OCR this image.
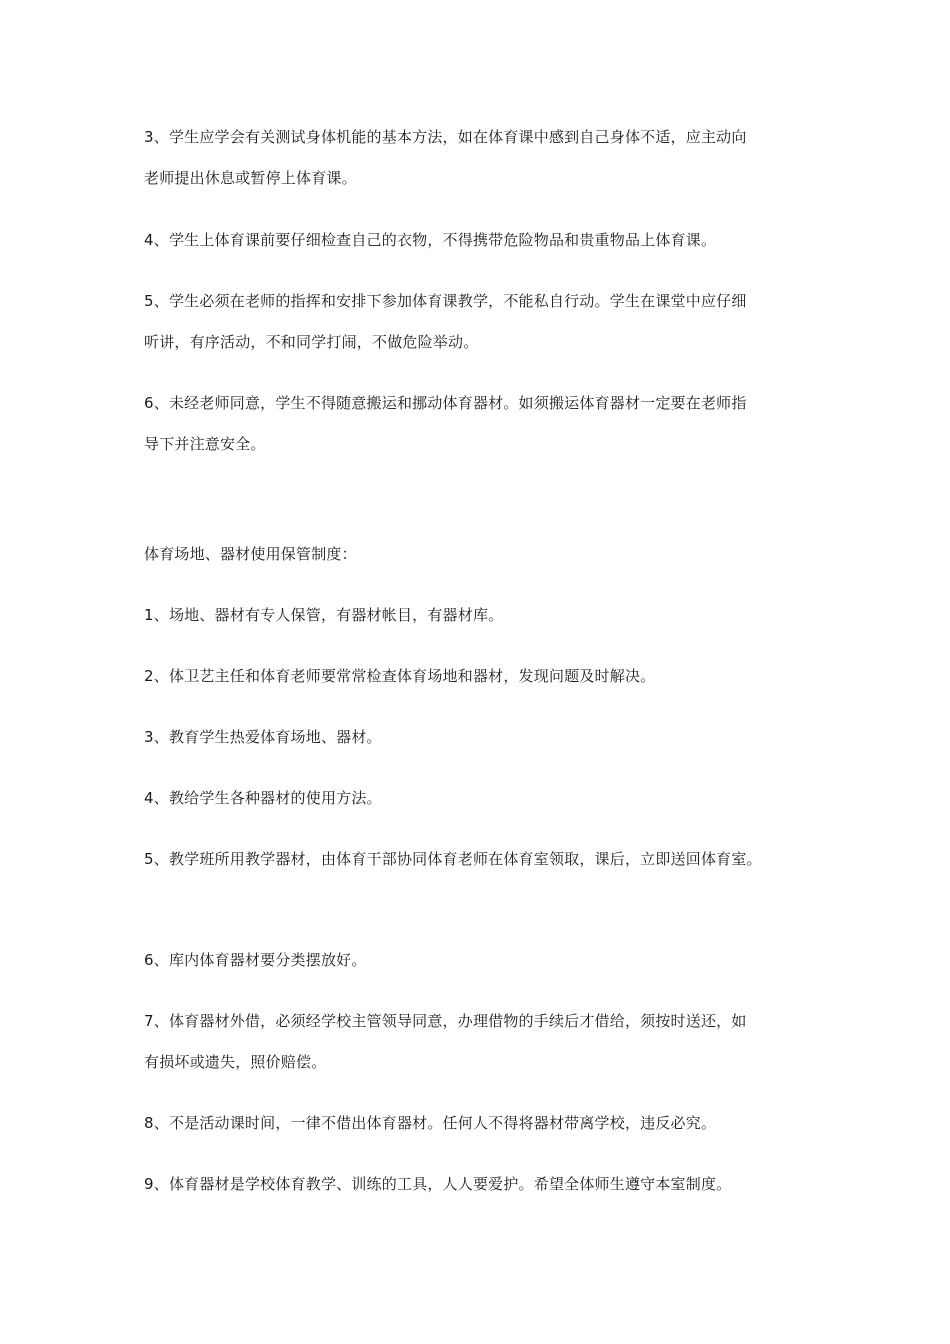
3、学生应学会有关测试身体机能的基本方法，如在体育课中感到自己身体不适，应主动向
老师提出休息或暂停上体育课。
4、学生上体育课前要仔细检查自己的衣物，不得携带危险物品和贵重物品上体育课。
5、学生必须在老师的指挥和安排下参加体育课教学，不能私自行动。学生在课堂中应仔细
听讲，有序活动，不和同学打闹，不做危险举动。
6、未经老师同意，学生不得随意搬运和挪动体育器材。如须搬运体育器材一定要在老师指
导下并注意安全。
体育场地、器材使用保管制度：
1、场地、器材有专人保管，有器材帐目，有器材库。
2、体卫艺主任和体育老师要常常检查体育场地和器材，发现问题及时解决。
3、教育学生热爱体育场地、器材。
4、教给学生各种器材的使用方法。
5、教学班所用教学器材，由体育干部协同体育老师在体育室领取，课后，立即送回体育室。
6、库内体育器材要分类摆放好。
7、体育器材外借，必须经学校主管领导同意，办理借物的手续后才借给，须按时送还，如
有损坏或遗失，照价赔偿。
8、不是活动课时间，一律不借出体育器材。任何人不得将器材带离学校，违反必究。
9、体育器材是学校体育教学、训练的工具，人人要爱护。希望全体师生遵守本室制度。
